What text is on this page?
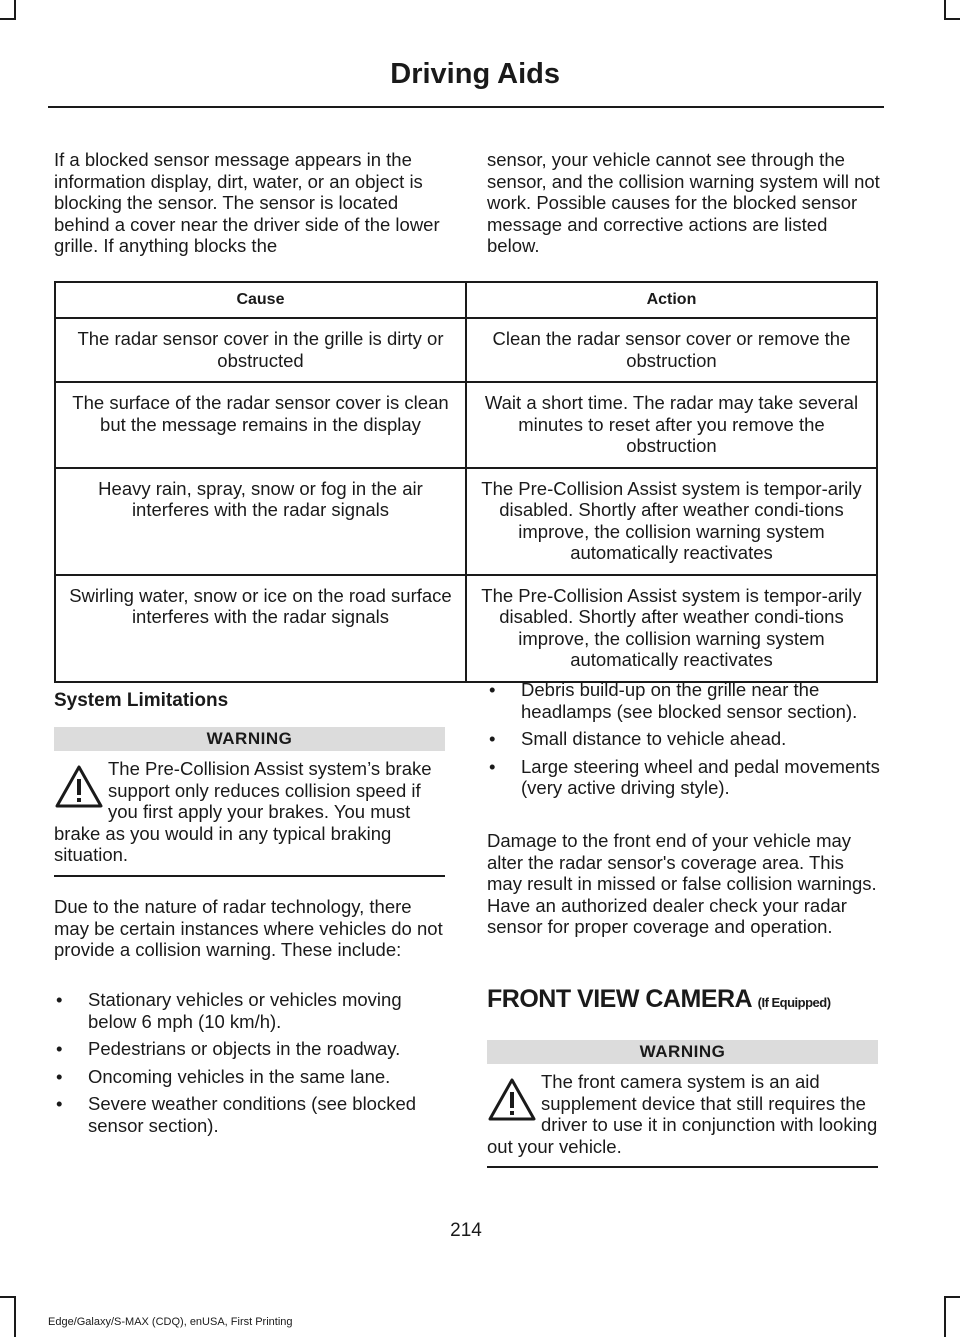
Driving Aids

If a blocked sensor message appears in the information display, dirt, water, or an object is blocking the sensor. The sensor is located behind a cover near the driver side of the lower grille. If anything blocks the

sensor, your vehicle cannot see through the sensor, and the collision warning system will not work. Possible causes for the blocked sensor message and corrective actions are listed below.

Cause	Action
The radar sensor cover in the grille is dirty or obstructed	Clean the radar sensor cover or remove the obstruction
The surface of the radar sensor cover is clean but the message remains in the display	Wait a short time. The radar may take several minutes to reset after you remove the obstruction
Heavy rain, spray, snow or fog in the air interferes with the radar signals	The Pre-Collision Assist system is tempor-arily disabled. Shortly after weather condi-tions improve, the collision warning system automatically reactivates
Swirling water, snow or ice on the road surface interferes with the radar signals	The Pre-Collision Assist system is tempor-arily disabled. Shortly after weather condi-tions improve, the collision warning system automatically reactivates
System Limitations
WARNING
The Pre-Collision Assist system’s brake support only reduces collision speed if you first apply your brakes. You must brake as you would in any typical braking situation.

Due to the nature of radar technology, there may be certain instances where vehicles do not provide a collision warning. These include:

• Stationary vehicles or vehicles moving below 6 mph (10 km/h).
• Pedestrians or objects in the roadway.
• Oncoming vehicles in the same lane.
• Severe weather conditions (see blocked sensor section).
• Debris build-up on the grille near the headlamps (see blocked sensor section).
• Small distance to vehicle ahead.
• Large steering wheel and pedal movements (very active driving style).

Damage to the front end of your vehicle may alter the radar sensor's coverage area. This may result in missed or false collision warnings. Have an authorized dealer check your radar sensor for proper coverage and operation.

FRONT VIEW CAMERA (If Equipped)
WARNING
The front camera system is an aid supplement device that still requires the driver to use it in conjunction with looking out your vehicle.
214
Edge/Galaxy/S-MAX (CDQ), enUSA, First Printing
